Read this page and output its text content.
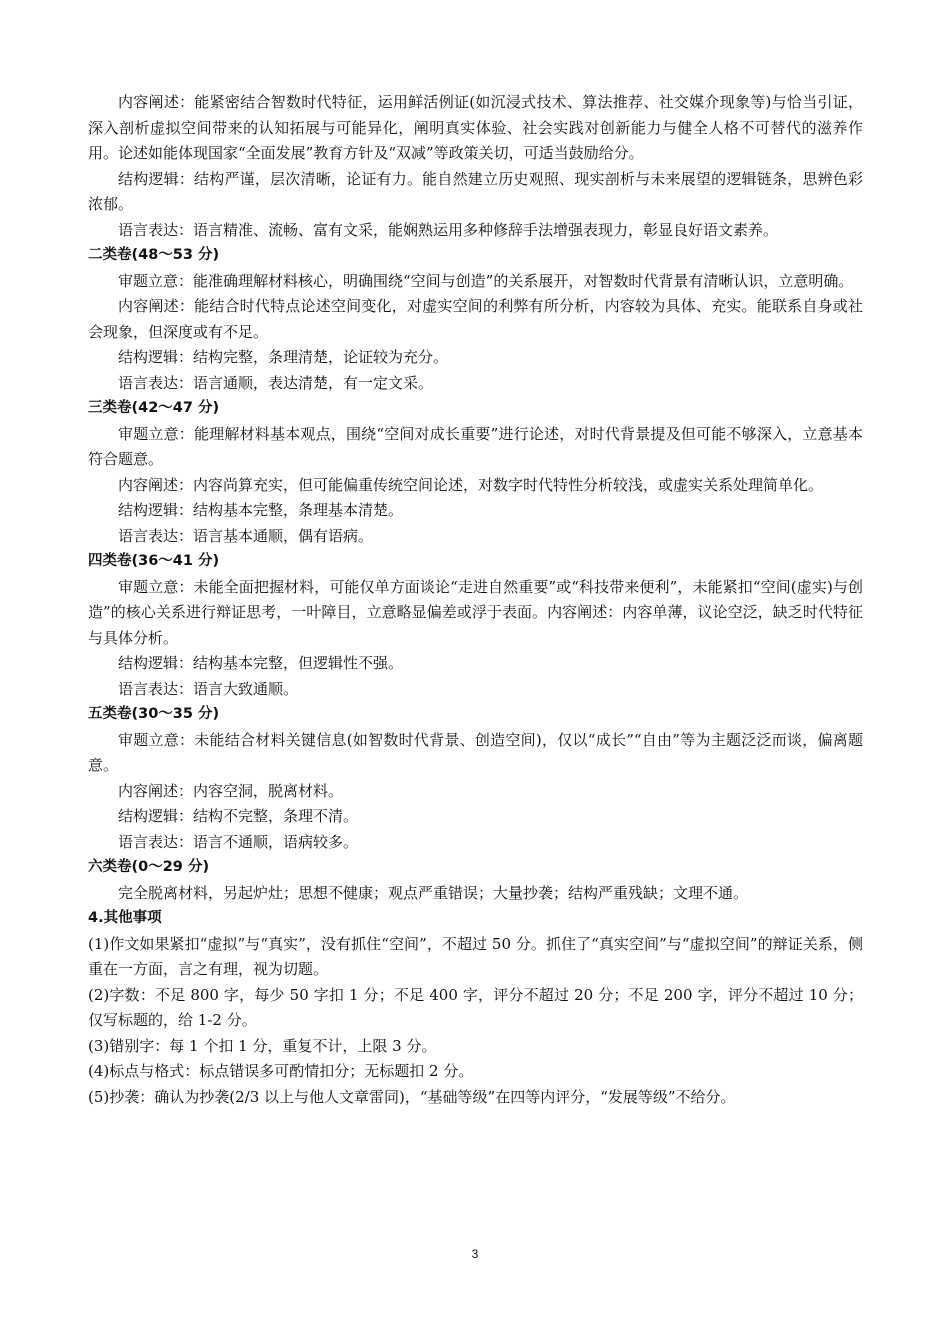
内容阐述：能紧密结合智数时代特征，运用鲜活例证(如沉浸式技术、算法推荐、社交媒介现象等)与恰当引证，深入剖析虚拟空间带来的认知拓展与可能异化，阐明真实体验、社会实践对创新能力与健全人格不可替代的滋养作用。论述如能体现国家“全面发展”教育方针及“双减”等政策关切，可适当鼓励给分。

结构逻辑：结构严谨，层次清晰，论证有力。能自然建立历史观照、现实剖析与未来展望的逻辑链条，思辨色彩浓郁。

语言表达：语言精准、流畅、富有文采，能娴熟运用多种修辞手法增强表现力，彰显良好语文素养。

二类卷(48～53 分)

审题立意：能准确理解材料核心，明确围绕“空间与创造”的关系展开，对智数时代背景有清晰认识，立意明确。

内容阐述：能结合时代特点论述空间变化，对虚实空间的利弊有所分析，内容较为具体、充实。能联系自身或社会现象，但深度或有不足。

结构逻辑：结构完整，条理清楚，论证较为充分。

语言表达：语言通顺，表达清楚，有一定文采。

三类卷(42～47 分)

审题立意：能理解材料基本观点，围绕“空间对成长重要”进行论述，对时代背景提及但可能不够深入，立意基本符合题意。

内容阐述：内容尚算充实，但可能偏重传统空间论述，对数字时代特性分析较浅，或虚实关系处理简单化。

结构逻辑：结构基本完整，条理基本清楚。

语言表达：语言基本通顺，偶有语病。

四类卷(36～41 分)

审题立意：未能全面把握材料，可能仅单方面谈论“走进自然重要”或“科技带来便利”，未能紧扣“空间(虚实)与创造”的核心关系进行辩证思考，一叶障目，立意略显偏差或浮于表面。内容阐述：内容单薄，议论空泛，缺乏时代特征与具体分析。

结构逻辑：结构基本完整，但逻辑性不强。

语言表达：语言大致通顺。

五类卷(30～35 分)

审题立意：未能结合材料关键信息(如智数时代背景、创造空间)，仅以“成长”“自由”等为主题泛泛而谈，偏离题意。

内容阐述：内容空洞，脱离材料。

结构逻辑：结构不完整，条理不清。

语言表达：语言不通顺，语病较多。

六类卷(0～29 分)

完全脱离材料，另起炉灶；思想不健康；观点严重错误；大量抄袭；结构严重残缺；文理不通。

4.其他事项

(1)作文如果紧扣“虚拟”与“真实”，没有抓住“空间”，不超过 50 分。抓住了“真实空间”与“虚拟空间”的辩证关系，侧重在一方面，言之有理，视为切题。

(2)字数：不足 800 字，每少 50 字扣 1 分；不足 400 字，评分不超过 20 分；不足 200 字，评分不超过 10 分；仅写标题的，给 1-2 分。

(3)错别字：每 1 个扣 1 分，重复不计，上限 3 分。

(4)标点与格式：标点错误多可酌情扣分；无标题扣 2 分。

(5)抄袭：确认为抄袭(2/3 以上与他人文章雷同)，“基础等级”在四等内评分，“发展等级”不给分。

3
